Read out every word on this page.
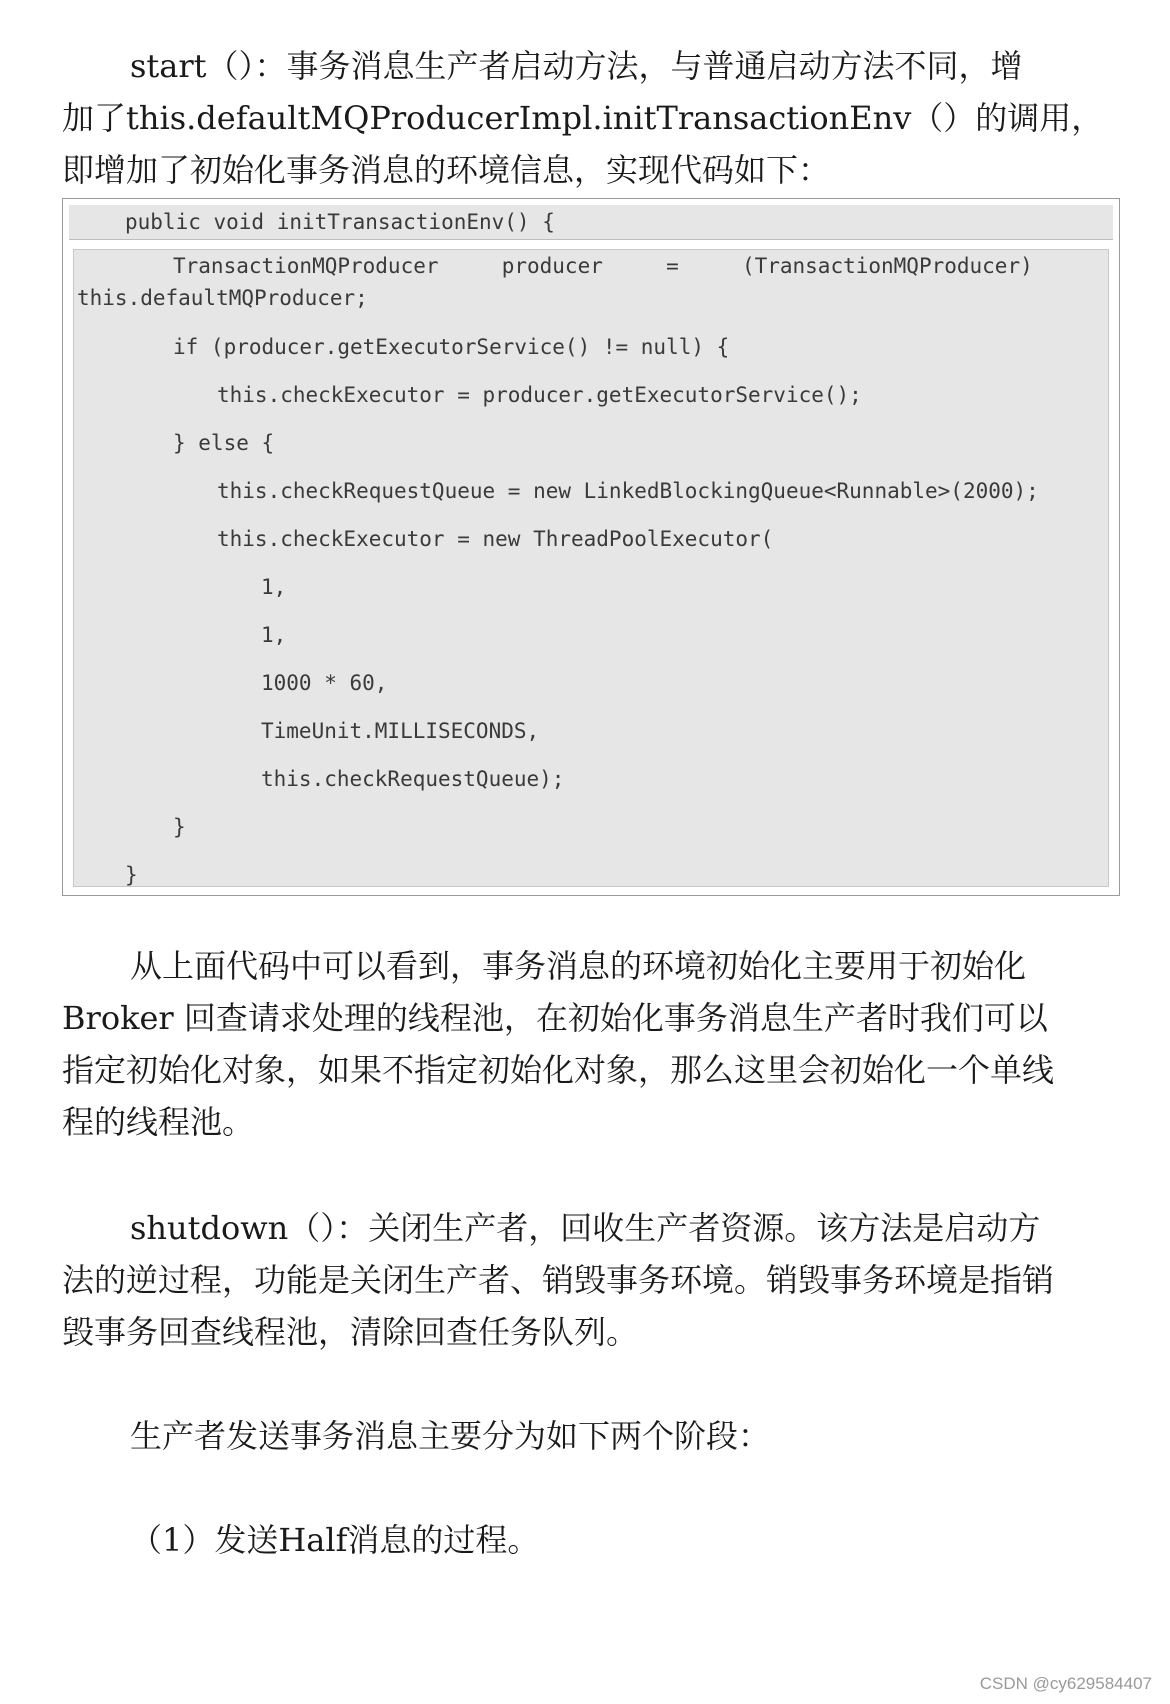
start（）：事务消息生产者启动方法，与普通启动方法不同，增
加了this.defaultMQProducerImpl.initTransactionEnv（）的调用，
即增加了初始化事务消息的环境信息，实现代码如下：
public void initTransactionEnv() {
TransactionMQProducer     producer     =     (TransactionMQProducer)
this.defaultMQProducer;
if (producer.getExecutorService() != null) {
this.checkExecutor = producer.getExecutorService();
} else {
this.checkRequestQueue = new LinkedBlockingQueue<Runnable>(2000);
this.checkExecutor = new ThreadPoolExecutor(
1,
1,
1000 * 60,
TimeUnit.MILLISECONDS,
this.checkRequestQueue);
}
}
从上面代码中可以看到，事务消息的环境初始化主要用于初始化
Broker 回查请求处理的线程池，在初始化事务消息生产者时我们可以
指定初始化对象，如果不指定初始化对象，那么这里会初始化一个单线
程的线程池。
shutdown（）：关闭生产者，回收生产者资源。该方法是启动方
法的逆过程，功能是关闭生产者、销毁事务环境。销毁事务环境是指销
毁事务回查线程池，清除回查任务队列。
生产者发送事务消息主要分为如下两个阶段：
（1）发送Half消息的过程。
CSDN @cy629584407
